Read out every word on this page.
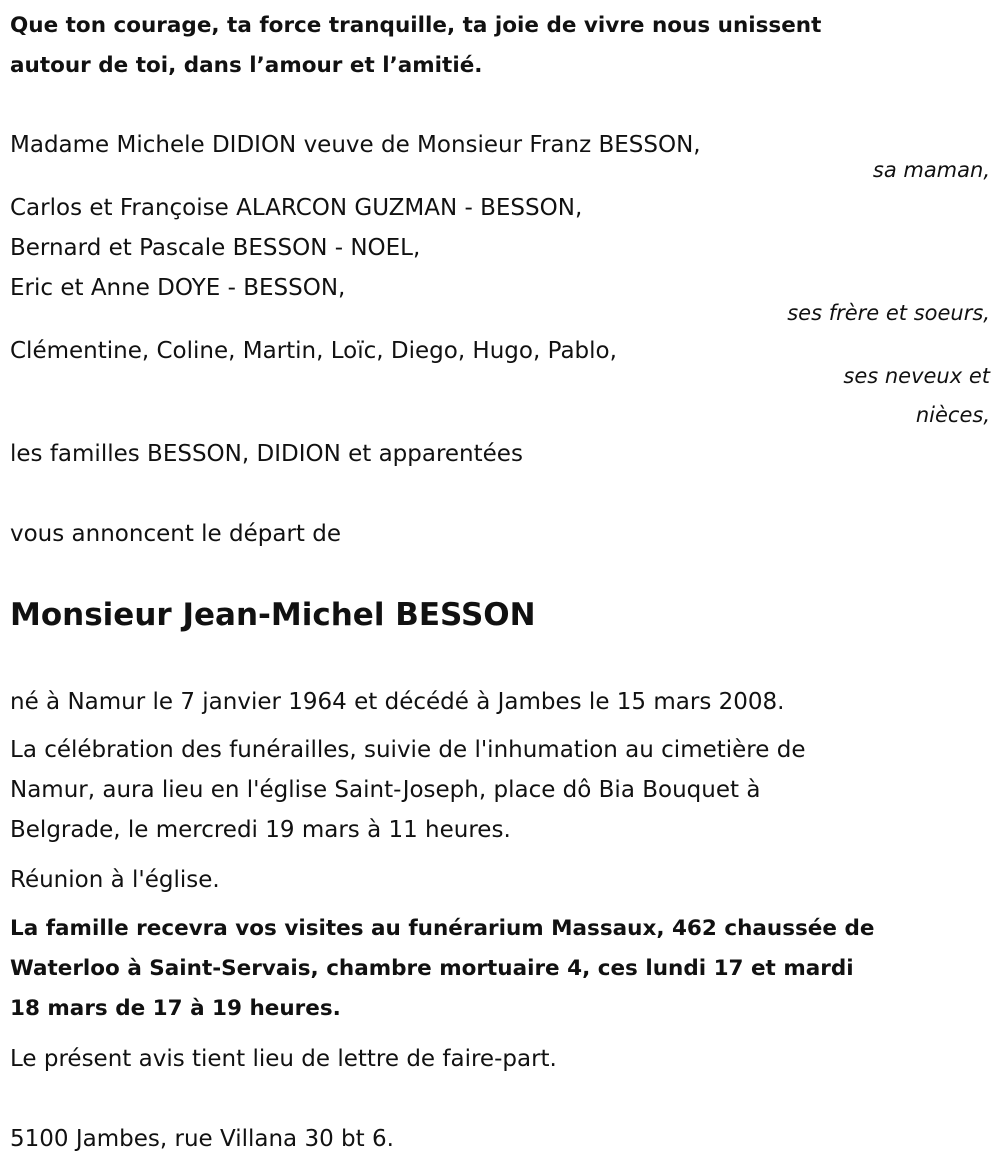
Que ton courage, ta force tranquille, ta joie de vivre nous unissent
autour de toi, dans l’amour et l’amitié.
Madame Michele DIDION veuve de Monsieur Franz BESSON,
sa maman,
Carlos et Françoise ALARCON GUZMAN - BESSON,
Bernard et Pascale BESSON - NOEL,
Eric et Anne DOYE - BESSON,
ses frère et soeurs,
Clémentine, Coline, Martin, Loïc, Diego, Hugo, Pablo,
ses neveux et
nièces,
les familles BESSON, DIDION et apparentées
vous annoncent le départ de
Monsieur Jean-Michel BESSON
né à Namur le 7 janvier 1964 et décédé à Jambes le 15 mars 2008.
La célébration des funérailles, suivie de l'inhumation au cimetière de
Namur, aura lieu en l'église Saint-Joseph, place dô Bia Bouquet à
Belgrade, le mercredi 19 mars à 11 heures.
Réunion à l'église.
La famille recevra vos visites au funérarium Massaux, 462 chaussée de
Waterloo à Saint-Servais, chambre mortuaire 4, ces lundi 17 et mardi
18 mars de 17 à 19 heures.
Le présent avis tient lieu de lettre de faire-part.
5100 Jambes, rue Villana 30 bt 6.
